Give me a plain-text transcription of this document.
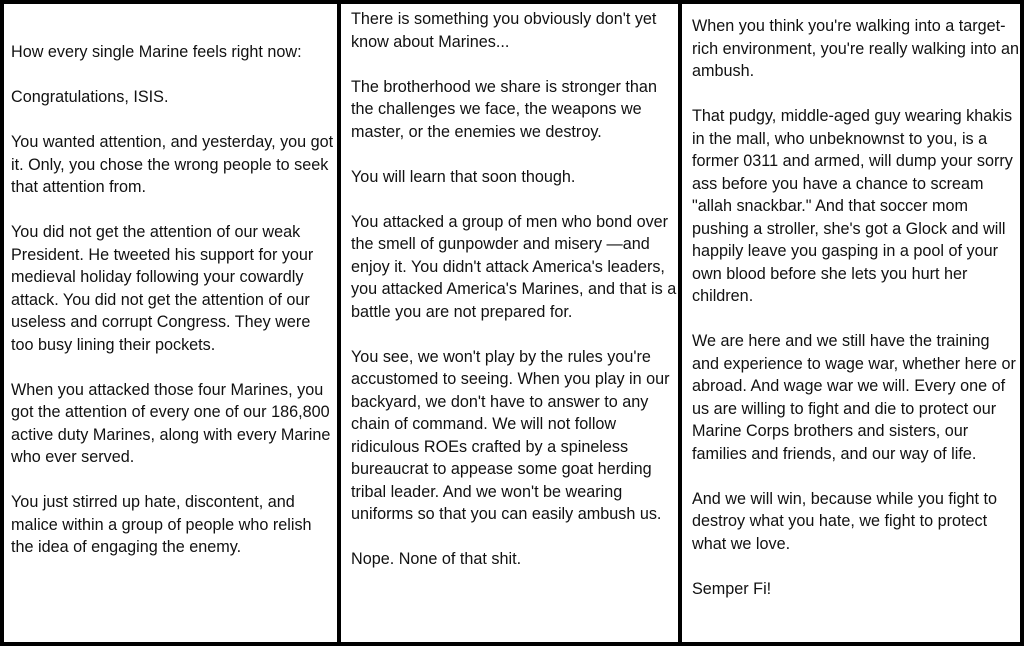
How every single Marine feels right now:

Congratulations, ISIS.

You wanted attention, and yesterday, you got it. Only, you chose the wrong people to seek that attention from.

You did not get the attention of our weak President. He tweeted his support for your medieval holiday following your cowardly attack. You did not get the attention of our useless and corrupt Congress. They were too busy lining their pockets.

When you attacked those four Marines, you got the attention of every one of our 186,800 active duty Marines, along with every Marine who ever served.

You just stirred up hate, discontent, and malice within a group of people who relish the idea of engaging the enemy.

There is something you obviously don't yet know about Marines...

The brotherhood we share is stronger than the challenges we face, the weapons we master, or the enemies we destroy.

You will learn that soon though.

You attacked a group of men who bond over the smell of gunpowder and misery —and enjoy it. You didn't attack America's leaders, you attacked America's Marines, and that is a battle you are not prepared for.

You see, we won't play by the rules you're accustomed to seeing. When you play in our backyard, we don't have to answer to any chain of command. We will not follow ridiculous ROEs crafted by a spineless bureaucrat to appease some goat herding tribal leader. And we won't be wearing uniforms so that you can easily ambush us.

Nope. None of that shit.

When you think you're walking into a target-rich environment, you're really walking into an ambush.

That pudgy, middle-aged guy wearing khakis in the mall, who unbeknownst to you, is a former 0311 and armed, will dump your sorry ass before you have a chance to scream "allah snackbar." And that soccer mom pushing a stroller, she's got a Glock and will happily leave you gasping in a pool of your own blood before she lets you hurt her children.

We are here and we still have the training and experience to wage war, whether here or abroad. And wage war we will. Every one of us are willing to fight and die to protect our Marine Corps brothers and sisters, our families and friends, and our way of life.

And we will win, because while you fight to destroy what you hate, we fight to protect what we love.

Semper Fi!
